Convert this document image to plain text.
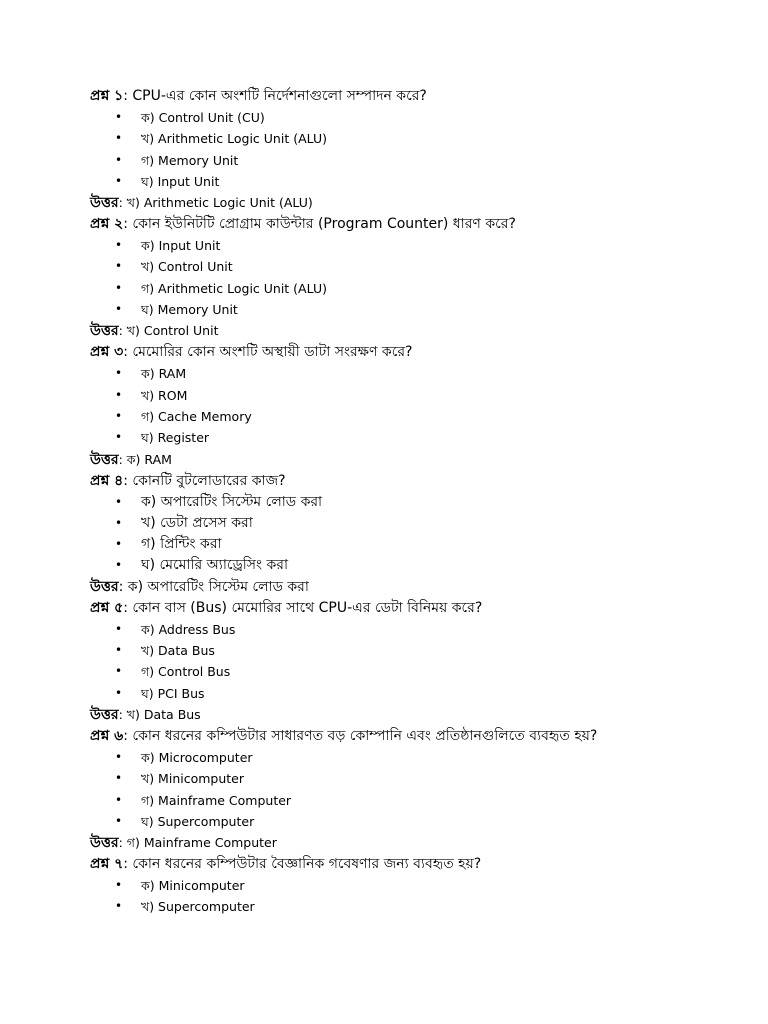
প্রশ্ন ১: CPU-এর কোন অংশটি নির্দেশনাগুলো সম্পাদন করে?
• ক) Control Unit (CU)
• খ) Arithmetic Logic Unit (ALU)
• গ) Memory Unit
• ঘ) Input Unit
উত্তর: খ) Arithmetic Logic Unit (ALU)
প্রশ্ন ২: কোন ইউনিটটি প্রোগ্রাম কাউন্টার (Program Counter) ধারণ করে?
• ক) Input Unit
• খ) Control Unit
• গ) Arithmetic Logic Unit (ALU)
• ঘ) Memory Unit
উত্তর: খ) Control Unit
প্রশ্ন ৩: মেমোরির কোন অংশটি অস্থায়ী ডাটা সংরক্ষণ করে?
• ক) RAM
• খ) ROM
• গ) Cache Memory
• ঘ) Register
উত্তর: ক) RAM
প্রশ্ন ৪: কোনটি বুটলোডারের কাজ?
• ক) অপারেটিং সিস্টেম লোড করা
• খ) ডেটা প্রসেস করা
• গ) প্রিন্টিং করা
• ঘ) মেমোরি অ্যাড্রেসিং করা
উত্তর: ক) অপারেটিং সিস্টেম লোড করা
প্রশ্ন ৫: কোন বাস (Bus) মেমোরির সাথে CPU-এর ডেটা বিনিময় করে?
• ক) Address Bus
• খ) Data Bus
• গ) Control Bus
• ঘ) PCI Bus
উত্তর: খ) Data Bus
প্রশ্ন ৬: কোন ধরনের কম্পিউটার সাধারণত বড় কোম্পানি এবং প্রতিষ্ঠানগুলিতে ব্যবহৃত হয়?
• ক) Microcomputer
• খ) Minicomputer
• গ) Mainframe Computer
• ঘ) Supercomputer
উত্তর: গ) Mainframe Computer
প্রশ্ন ৭: কোন ধরনের কম্পিউটার বৈজ্ঞানিক গবেষণার জন্য ব্যবহৃত হয়?
• ক) Minicomputer
• খ) Supercomputer
